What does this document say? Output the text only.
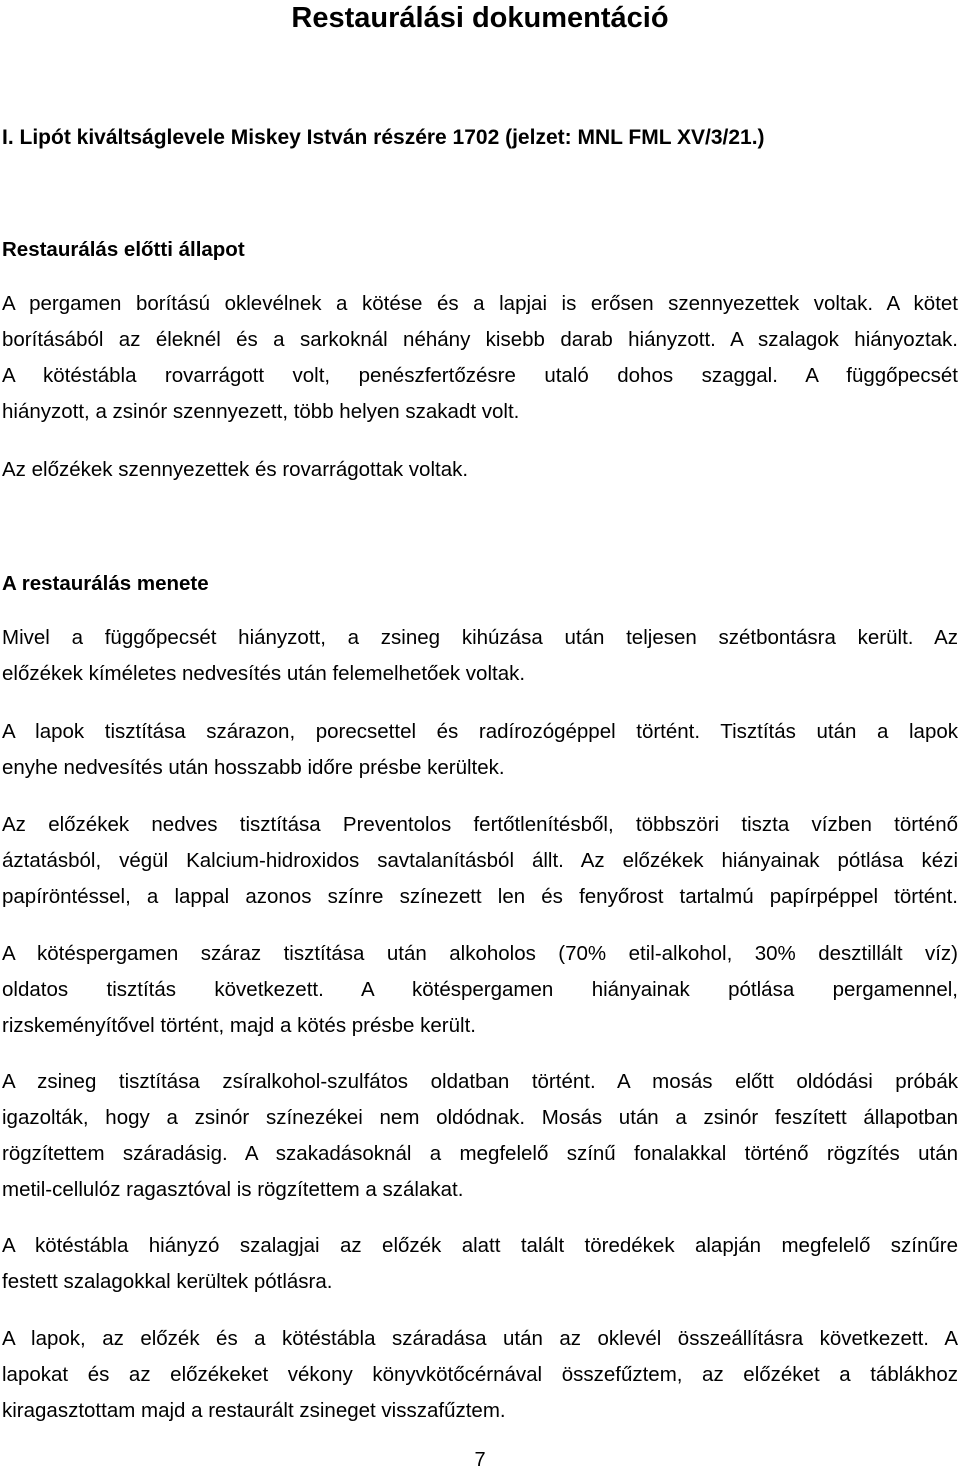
Restaurálási dokumentáció
I. Lipót kiváltságlevele Miskey István részére 1702 (jelzet: MNL FML XV/3/21.)
Restaurálás előtti állapot
A pergamen borítású oklevélnek a kötése és a lapjai is erősen szennyezettek voltak. A kötet
borításából az éleknél és a sarkoknál néhány kisebb darab hiányzott. A szalagok hiányoztak.
A kötéstábla rovarrágott volt, penészfertőzésre utaló dohos szaggal. A függőpecsét
hiányzott, a zsinór szennyezett, több helyen szakadt volt.
Az előzékek szennyezettek és rovarrágottak voltak.
A restaurálás menete
Mivel a függőpecsét hiányzott, a zsineg kihúzása után teljesen szétbontásra került. Az
előzékek kíméletes nedvesítés után felemelhetőek voltak.
A lapok tisztítása szárazon, porecsettel és radírozógéppel történt. Tisztítás után a lapok
enyhe nedvesítés után hosszabb időre présbe kerültek.
Az előzékek nedves tisztítása Preventolos fertőtlenítésből, többszöri tiszta vízben történő
áztatásból, végül Kalcium-hidroxidos savtalanításból állt. Az előzékek hiányainak pótlása kézi
papíröntéssel, a lappal azonos színre színezett len és fenyőrost tartalmú papírpéppel történt.
A kötéspergamen száraz tisztítása után alkoholos (70% etil-alkohol, 30% desztillált víz)
oldatos tisztítás következett. A kötéspergamen hiányainak pótlása pergamennel,
rizskeményítővel történt, majd a kötés présbe került.
A zsineg tisztítása zsíralkohol-szulfátos oldatban történt. A mosás előtt oldódási próbák
igazolták, hogy a zsinór színezékei nem oldódnak. Mosás után a zsinór feszített állapotban
rögzítettem száradásig. A szakadásoknál a megfelelő színű fonalakkal történő rögzítés után
metil-cellulóz ragasztóval is rögzítettem a szálakat.
A kötéstábla hiányzó szalagjai az előzék alatt talált töredékek alapján megfelelő színűre
festett szalagokkal kerültek pótlásra.
A lapok, az előzék és a kötéstábla száradása után az oklevél összeállításra következett. A
lapokat és az előzékeket vékony könyvkötőcérnával összefűztem, az előzéket a táblákhoz
kiragasztottam majd a restaurált zsineget visszafűztem.
7
